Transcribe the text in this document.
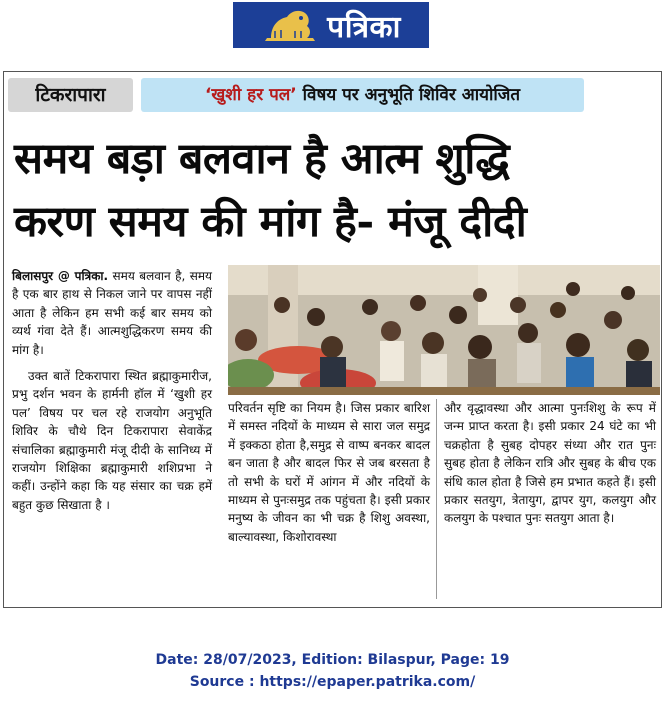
पत्रिका
टिकरापारा	‘खुशी हर पल’ विषय पर अनुभूति शिविर आयोजित
समय बड़ा बलवान है आत्म शुद्धि
करण समय की मांग है- मंजू दीदी

बिलासपुर @ पत्रिका. समय बलवान है, समय है एक बार हाथ से निकल जाने पर वापस नहीं आता है लेकिन हम सभी कई बार समय को व्यर्थ गंवा देते हैं। आत्मशुद्धिकरण समय की मांग है।

उक्त बातें टिकरापारा स्थित ब्रह्माकुमारीज, प्रभु दर्शन भवन के हार्मनी हॉल में ‘खुशी हर पल’ विषय पर चल रहे राजयोग अनुभूति शिविर के चौथे दिन टिकरापारा सेवाकेंद्र संचालिका ब्रह्माकुमारी मंजू दीदी के सानिध्य में राजयोग शिक्षिका ब्रह्माकुमारी शशिप्रभा ने कहीं। उन्होंने कहा कि यह संसार का चक्र हमें बहुत कुछ सिखाता है ।

परिवर्तन सृष्टि का नियम है। जिस प्रकार बारिश में समस्त नदियों के माध्यम से सारा जल समुद्र में इक्कठा होता है,समुद्र से वाष्प बनकर बादल बन जाता है और बादल फिर से जब बरसता है तो सभी के घरों में आंगन में और नदियों के माध्यम से पुनःसमुद्र तक पहुंचता है। इसी प्रकार मनुष्य के जीवन का भी चक्र है शिशु अवस्था, बाल्यावस्था, किशोरावस्था
और वृद्धावस्था और आत्मा पुनःशिशु के रूप में जन्म प्राप्त करता है। इसी प्रकार 24 घंटे का भी चक्रहोता है सुबह दोपहर संध्या और रात पुनः सुबह होता है लेकिन रात्रि और सुबह के बीच एक संधि काल होता है जिसे हम प्रभात कहते हैं। इसी प्रकार सतयुग, त्रेतायुग, द्वापर युग, कलयुग और कलयुग के पश्चात पुनः सतयुग आता है।
Date: 28/07/2023, Edition: Bilaspur, Page: 19
Source : https://epaper.patrika.com/
